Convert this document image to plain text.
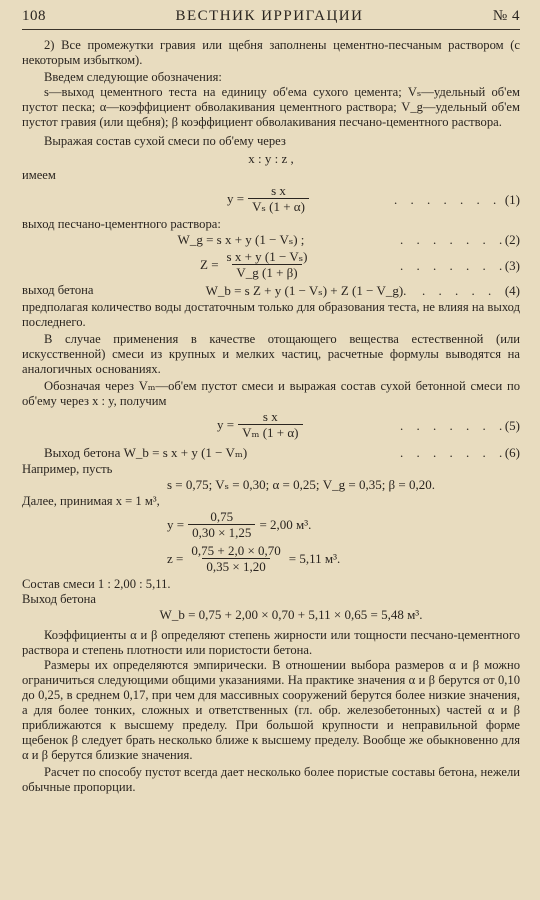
108	ВЕСТНИК ИРРИГАЦИИ	№ 4

2) Все промежутки гравия или щебня заполнены цементно-песчаным раствором (с некоторым избытком).

Введем следующие обозначения:

s—выход цементного теста на единицу об'ема сухого цемента; Vₛ—удельный об'ем пустот песка; α—коэффициент обволакивания цементного раствора; V_g—удельный об'ем пустот гравия (или щебня); β коэффициент обволакивания песчано-цементного раствора.

Выражая состав сухой смеси по об'ему через

x : y : z ,

имеем

$y = \frac{\text{s x}}{\text{Vₛ (1 + α)}}$	. . . . . . . (1)

выход песчано-цементного раствора:

W_g = s x + y (1 − Vₛ) ;	. . . . . . .
(2)
$Z = \frac{\text{s x + y (1 − Vₛ)}}{V\_g (1 + \beta)}$	. . . . . . .
(3)

выход бетона	W_b = s Z + y (1 − Vₛ) + Z (1 − V_g).	. . . . . (4)

предполагая количество воды достаточным только для образования теста, не влияя на выход последнего.

В случае применения в качестве отощающего вещества естественной (или искусственной) смеси из крупных и мелких частиц, расчетные формулы выводятся на аналогичных основаниях.

Обозначая через Vₘ—об'ем пустот смеси и выражая состав сухой бетонной смеси по об'ему через x : y, получим

$y = \frac{\text{s x}}{\text{Vₘ (1 + α)}}$	. . . . . . .
(5)
Выход бетона W_b = s x + y (1 − Vₘ)	. . . . . . .
(6)

Например, пусть

s = 0,75; Vₛ = 0,30; α = 0,25; V_g = 0,35; β = 0,20.

Далее, принимая x = 1 м³,

$y = \frac{0,75}{0,30 \times 1,25} = 2,00$ м³.
$z = \frac{0,75 + 2,0 \times 0,70}{0,35 \times 1,20} = 5,11$ м³.

Состав смеси 1 : 2,00 : 5,11.

Выход бетона

W_b = 0,75 + 2,00 × 0,70 + 5,11 × 0,65 = 5,48 м³.

Коэффициенты α и β определяют степень жирности или тощности песчано-цементного раствора и степень плотности или пористости бетона.

Размеры их определяются эмпирически. В отношении выбора размеров α и β можно ограничиться следующими общими указаниями. На практике значения α и β берутся от 0,10 до 0,25, в среднем 0,17, при чем для массивных сооружений берутся более низкие значения, а для более тонких, сложных и ответственных (гл. обр. железобетонных) частей α и β приближаются к высшему пределу. При большой крупности и неправильной форме щебенок β следует брать несколько ближе к высшему пределу. Вообще же обыкновенно для α и β берутся близкие значения.

Расчет по способу пустот всегда дает несколько более пористые составы бетона, нежели обычные пропорции.
